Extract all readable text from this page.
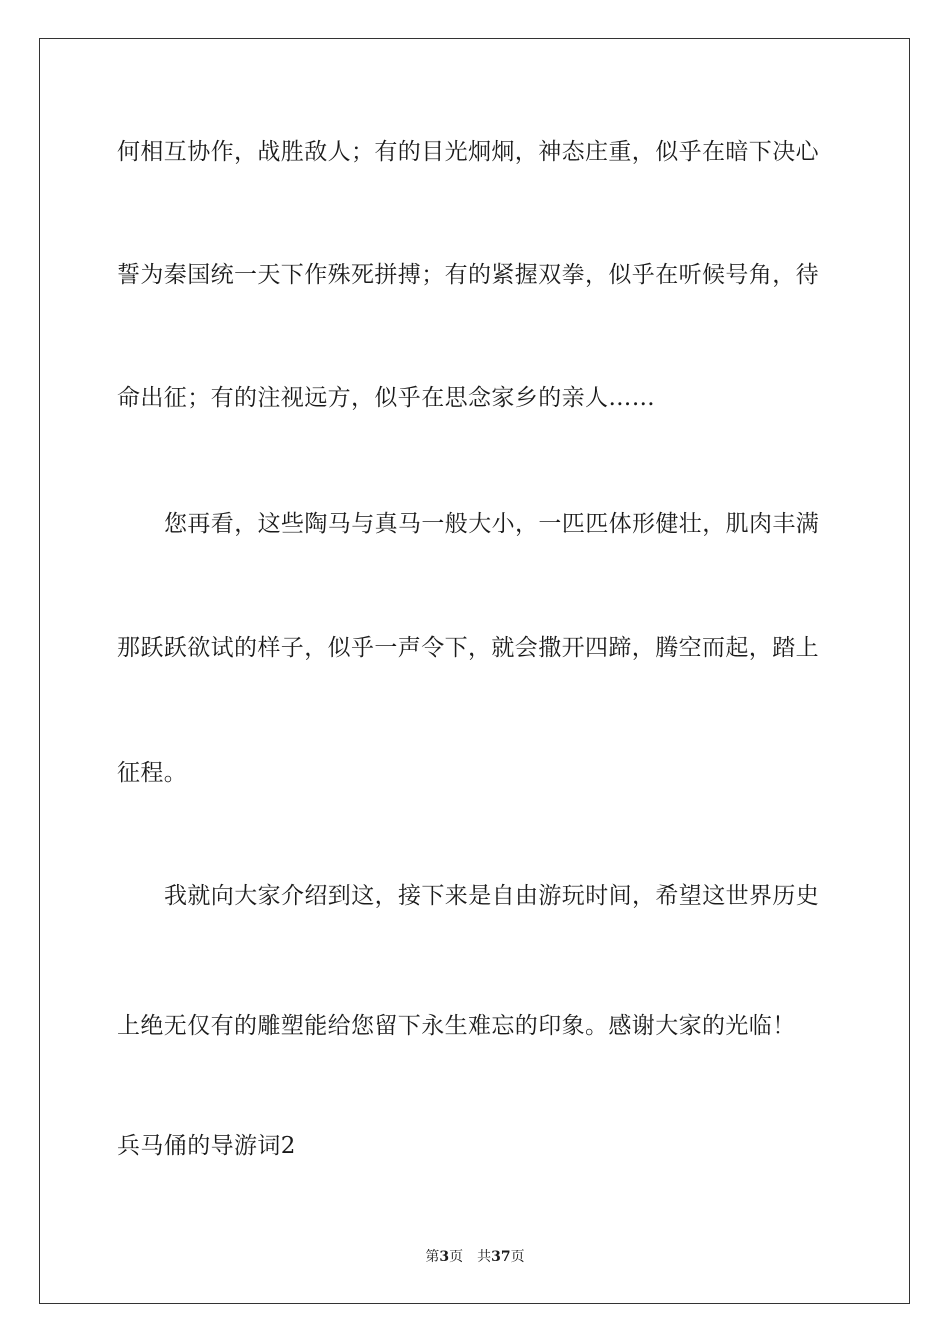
何相互协作，战胜敌人；有的目光炯炯，神态庄重，似乎在暗下决心
誓为秦国统一天下作殊死拼搏；有的紧握双拳，似乎在听候号角，待
命出征；有的注视远方，似乎在思念家乡的亲人……
您再看，这些陶马与真马一般大小，一匹匹体形健壮，肌肉丰满
那跃跃欲试的样子，似乎一声令下，就会撒开四蹄，腾空而起，踏上
征程。
我就向大家介绍到这，接下来是自由游玩时间，希望这世界历史
上绝无仅有的雕塑能给您留下永生难忘的印象。感谢大家的光临！
兵马俑的导游词2
第3页 共37页
